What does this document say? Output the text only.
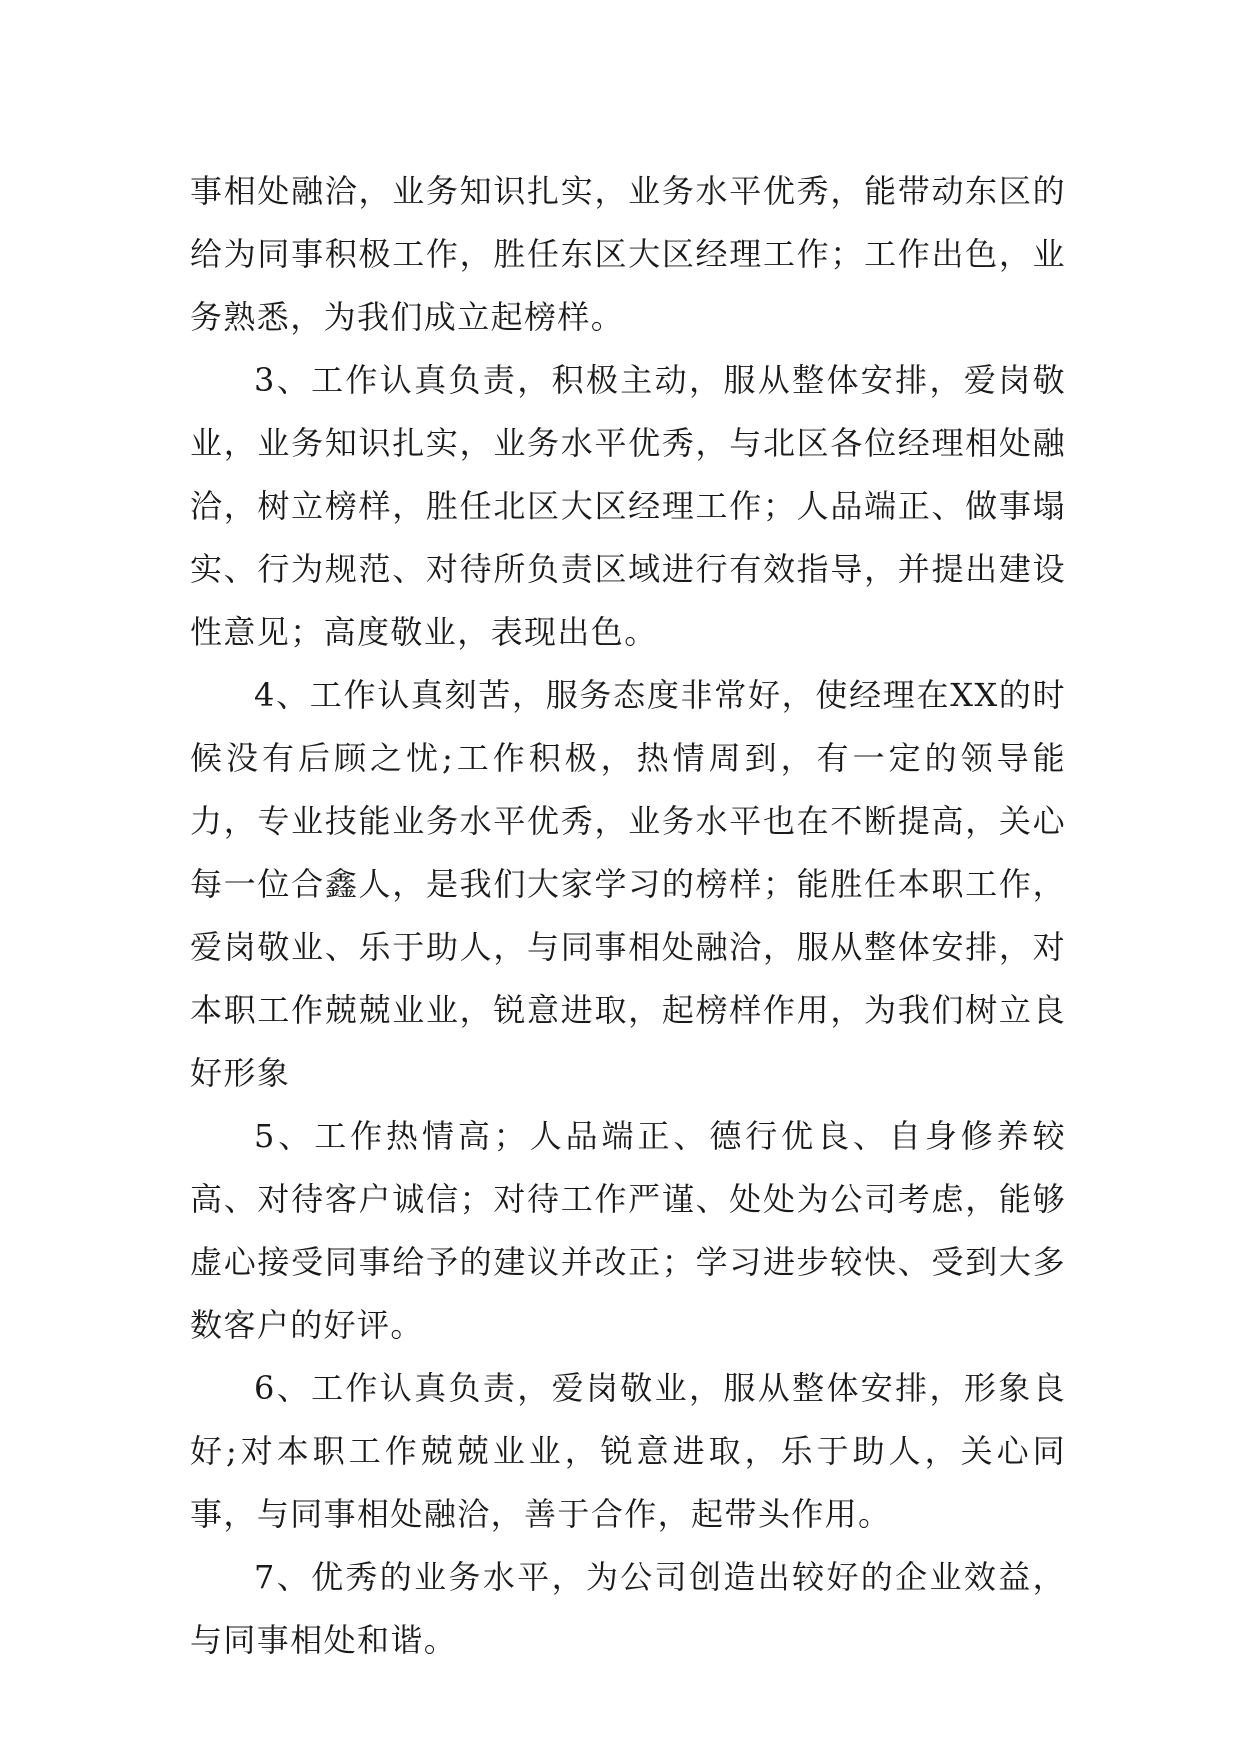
事相处融洽，业务知识扎实，业务水平优秀，能带动东区的给为同事积极工作，胜任东区大区经理工作；工作出色，业务熟悉，为我们成立起榜样。

3、工作认真负责，积极主动，服从整体安排，爱岗敬业，业务知识扎实，业务水平优秀，与北区各位经理相处融洽，树立榜样，胜任北区大区经理工作；人品端正、做事塌实、行为规范、对待所负责区域进行有效指导，并提出建设性意见；高度敬业，表现出色。

4、工作认真刻苦，服务态度非常好，使经理在XX的时候没有后顾之忧;工作积极，热情周到，有一定的领导能力，专业技能业务水平优秀，业务水平也在不断提高，关心每一位合鑫人，是我们大家学习的榜样；能胜任本职工作，爱岗敬业、乐于助人，与同事相处融洽，服从整体安排，对本职工作兢兢业业，锐意进取，起榜样作用，为我们树立良好形象

5、工作热情高；人品端正、德行优良、自身修养较高、对待客户诚信；对待工作严谨、处处为公司考虑，能够虚心接受同事给予的建议并改正；学习进步较快、受到大多数客户的好评。

6、工作认真负责，爱岗敬业，服从整体安排，形象良好;对本职工作兢兢业业，锐意进取，乐于助人，关心同事，与同事相处融洽，善于合作，起带头作用。

7、优秀的业务水平，为公司创造出较好的企业效益，与同事相处和谐。
